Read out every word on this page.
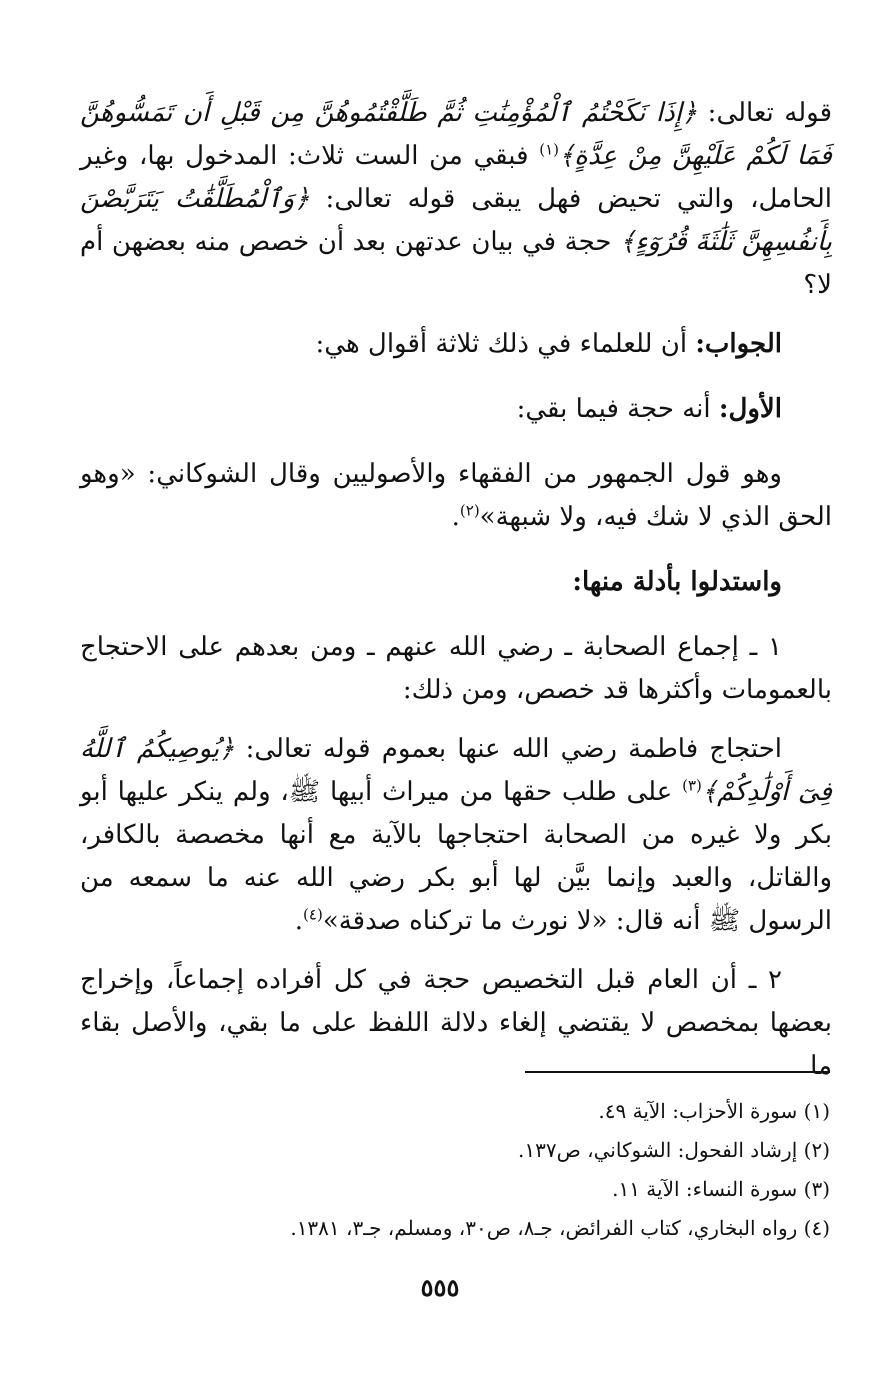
قوله تعالى: ﴿إِذَا نَكَحْتُمُ ٱلْمُؤْمِنَٰتِ ثُمَّ طَلَّقْتُمُوهُنَّ مِن قَبْلِ أَن تَمَسُّوهُنَّ فَمَا لَكُمْ عَلَيْهِنَّ مِنْ عِدَّةٍ﴾$^{(١)}$ فبقي من الست ثلاث: المدخول بها، وغير الحامل، والتي تحيض فهل يبقى قوله تعالى: ﴿وَٱلْمُطَلَّقَٰتُ يَتَرَبَّصْنَ بِأَنفُسِهِنَّ ثَلَٰثَةَ قُرُوٓءٍ﴾ حجة في بيان عدتهن بعد أن خصص منه بعضهن أم لا؟

الجواب: أن للعلماء في ذلك ثلاثة أقوال هي:

الأول: أنه حجة فيما بقي:

وهو قول الجمهور من الفقهاء والأصوليين وقال الشوكاني: «وهو الحق الذي لا شك فيه، ولا شبهة»$^{(٢)}$.

واستدلوا بأدلة منها:

١ ـ إجماع الصحابة ـ رضي الله عنهم ـ ومن بعدهم على الاحتجاج بالعمومات وأكثرها قد خصص، ومن ذلك:

احتجاج فاطمة رضي الله عنها بعموم قوله تعالى: ﴿يُوصِيكُمُ ٱللَّهُ فِىٓ أَوْلَٰدِكُمْ﴾$^{(٣)}$ على طلب حقها من ميراث أبيها ﷺ، ولم ينكر عليها أبو بكر ولا غيره من الصحابة احتجاجها بالآية مع أنها مخصصة بالكافر، والقاتل، والعبد وإنما بيَّن لها أبو بكر رضي الله عنه ما سمعه من الرسول ﷺ أنه قال: «لا نورث ما تركناه صدقة»$^{(٤)}$.

٢ ـ أن العام قبل التخصيص حجة في كل أفراده إجماعاً، وإخراج بعضها بمخصص لا يقتضي إلغاء دلالة اللفظ على ما بقي، والأصل بقاء ما

(١) سورة الأحزاب: الآية ٤٩.

(٢) إرشاد الفحول: الشوكاني، ص١٣٧.

(٣) سورة النساء: الآية ١١.

(٤) رواه البخاري، كتاب الفرائض، جـ٨، ص٣٠، ومسلم، جـ٣، ١٣٨١.

٥٥٥
